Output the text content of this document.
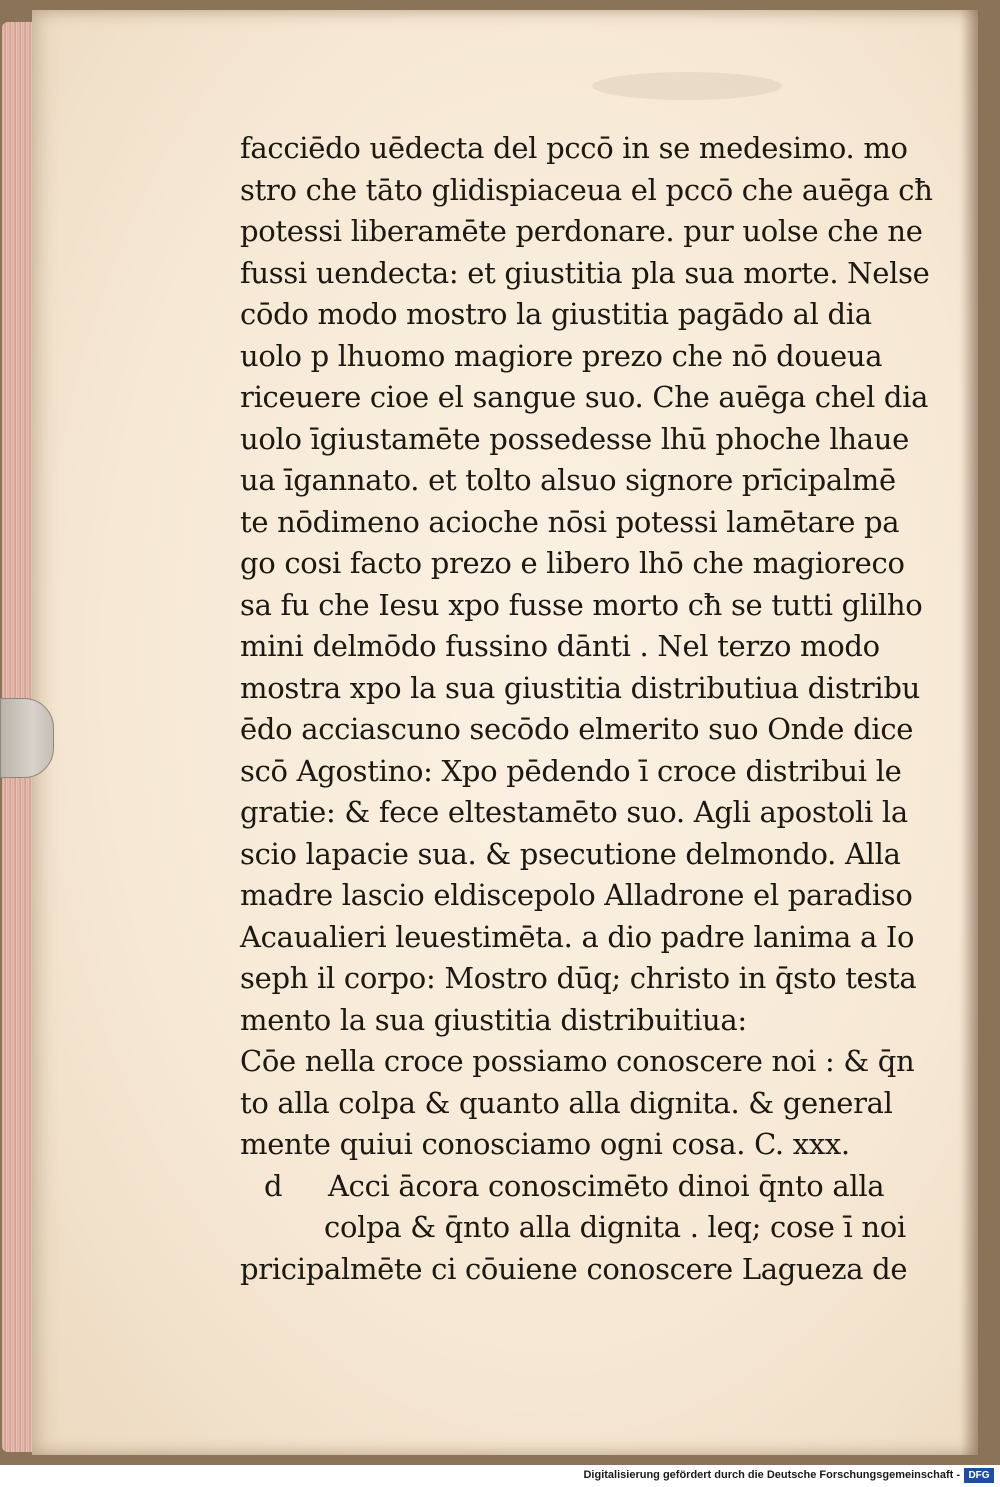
facciēdo uēdecta del pccō in se medesimo. mo
stro che tāto glidispiaceua el pccō che auēga cħ
potessi liberamēte perdonare. pur uolse che ne
fussi uendecta: et giustitia pla sua morte. Nelse
cōdo modo mostro la giustitia pagādo al dia
uolo p lhuomo magiore prezo che nō doueua
riceuere cioe el sangue suo. Che auēga chel dia
uolo īgiustamēte possedesse lhū phoche lhaue
ua īgannato. et tolto alsuo signore prīcipalmē
te nōdimeno acioche nōsi potessi lamētare pa
go cosi facto prezo e libero lhō che magioreco
sa fu che Iesu xpo fusse morto cħ se tutti glilho
mini delmōdo fussino dānti . Nel terzo modo
mostra xpo la sua giustitia distributiua distribu
ēdo acciascuno secōdo elmerito suo Onde dice
scō Agostino: Xpo pēdendo ī croce distribui le
gratie: & fece eltestamēto suo. Agli apostoli la
scio lapacie sua. & psecutione delmondo. Alla
madre lascio eldiscepolo Alladrone el paradiso
Acaualieri leuestimēta. a dio padre lanima a Io
seph il corpo: Mostro dūq; christo in q̄sto testa
mento la sua giustitia distribuitiua:
Cōe nella croce possiamo conoscere noi : & q̄n
to alla colpa & quanto alla dignita. & general
mente quiui conosciamo ogni cosa. C. xxx.
d Acci ācora conoscimēto dinoi q̄nto alla
colpa & q̄nto alla dignita . leq; cose ī noi
pricipalmēte ci cōuiene conoscere Lagueza de
Digitalisierung gefördert durch die Deutsche Forschungsgemeinschaft - DFG
